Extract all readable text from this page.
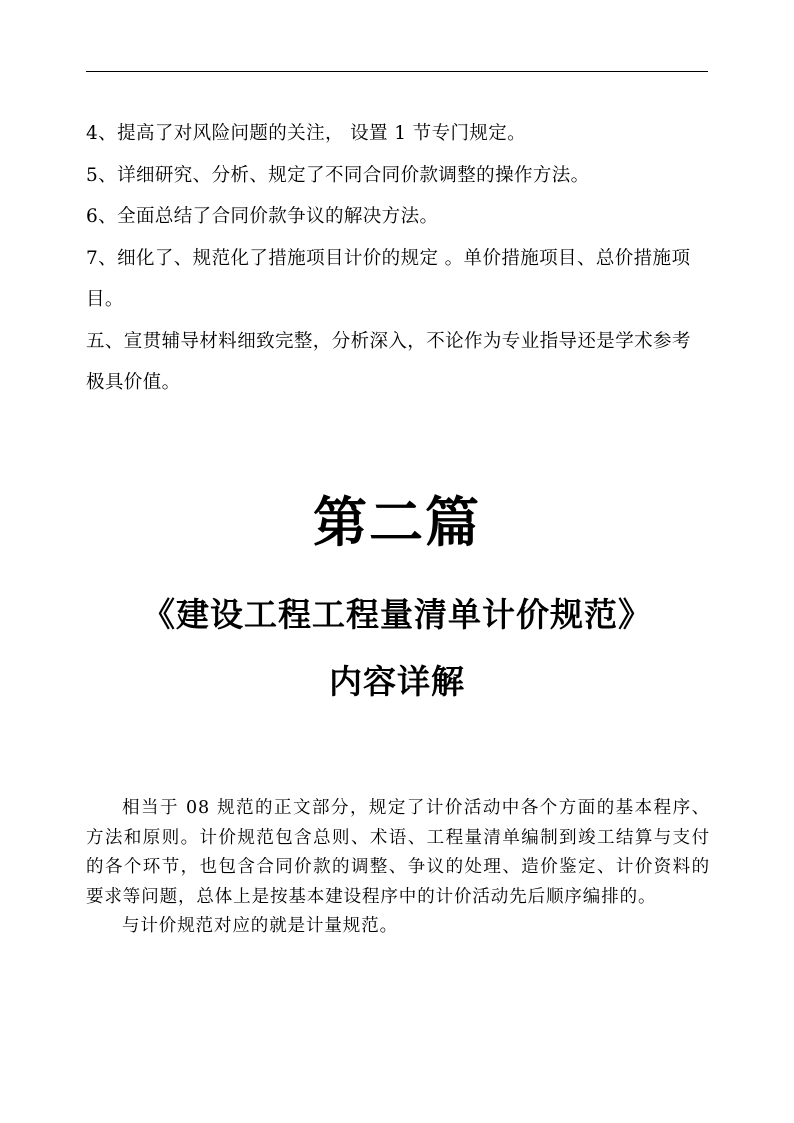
4、提高了对风险问题的关注， 设置 1 节专门规定。

5、详细研究、分析、规定了不同合同价款调整的操作方法。

6、全面总结了合同价款争议的解决方法。

7、细化了、规范化了措施项目计价的规定 。单价措施项目、总价措施项目。

五、宣贯辅导材料细致完整，分析深入，不论作为专业指导还是学术参考极具价值。

第二篇
《建设工程工程量清单计价规范》
内容详解

相当于 08 规范的正文部分，规定了计价活动中各个方面的基本程序、方法和原则。计价规范包含总则、术语、工程量清单编制到竣工结算与支付的各个环节，也包含合同价款的调整、争议的处理、造价鉴定、计价资料的要求等问题，总体上是按基本建设程序中的计价活动先后顺序编排的。

与计价规范对应的就是计量规范。
